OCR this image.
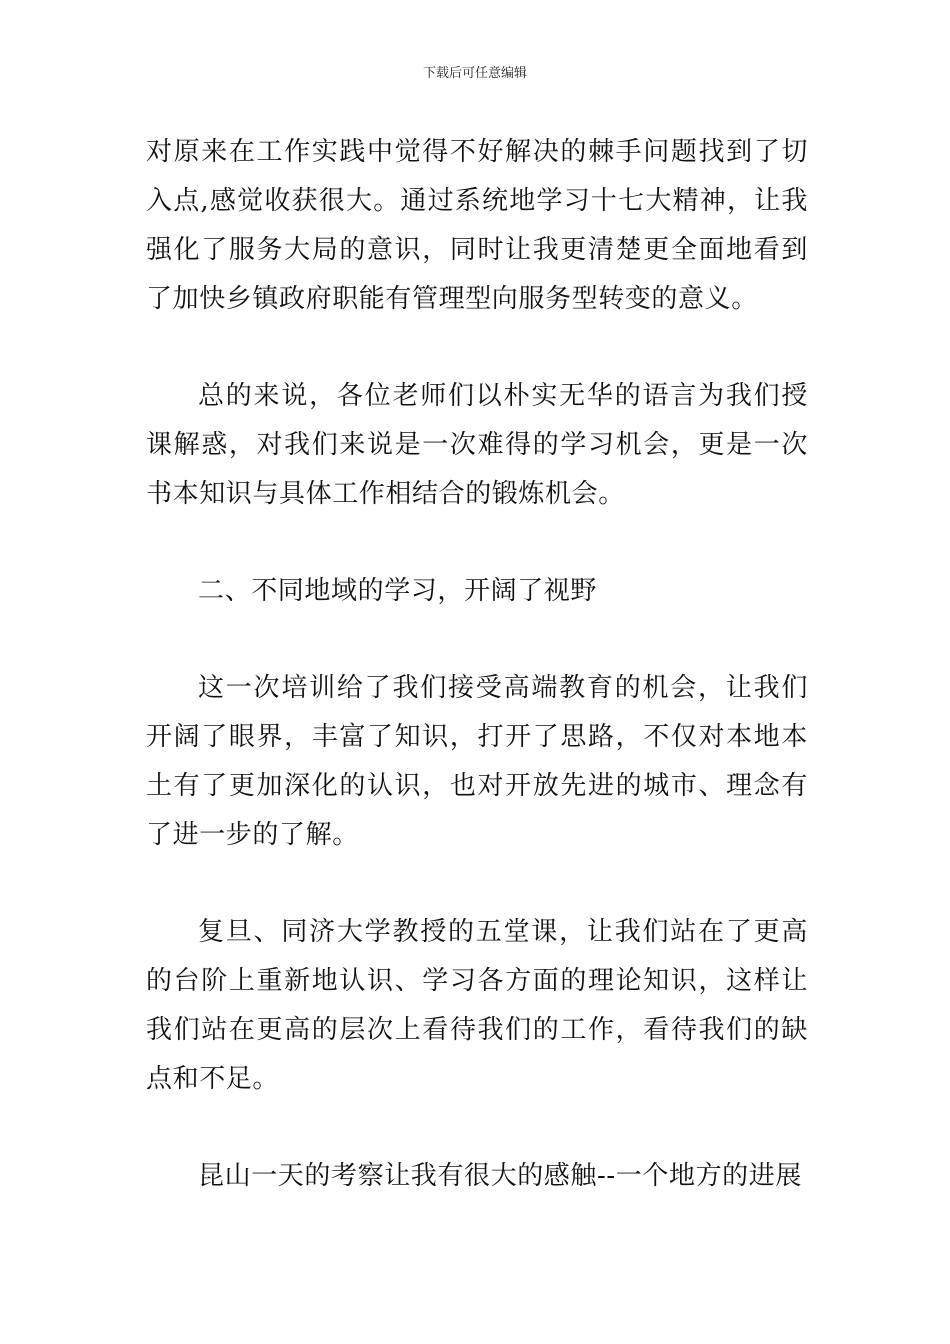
下载后可任意编辑

对原来在工作实践中觉得不好解决的棘手问题找到了切入点,感觉收获很大。通过系统地学习十七大精神，让我强化了服务大局的意识，同时让我更清楚更全面地看到了加快乡镇政府职能有管理型向服务型转变的意义。

总的来说，各位老师们以朴实无华的语言为我们授课解惑，对我们来说是一次难得的学习机会，更是一次书本知识与具体工作相结合的锻炼机会。

二、不同地域的学习，开阔了视野

这一次培训给了我们接受高端教育的机会，让我们开阔了眼界，丰富了知识，打开了思路，不仅对本地本土有了更加深化的认识，也对开放先进的城市、理念有了进一步的了解。

复旦、同济大学教授的五堂课，让我们站在了更高的台阶上重新地认识、学习各方面的理论知识，这样让我们站在更高的层次上看待我们的工作，看待我们的缺点和不足。

昆山一天的考察让我有很大的感触--一个地方的进展
